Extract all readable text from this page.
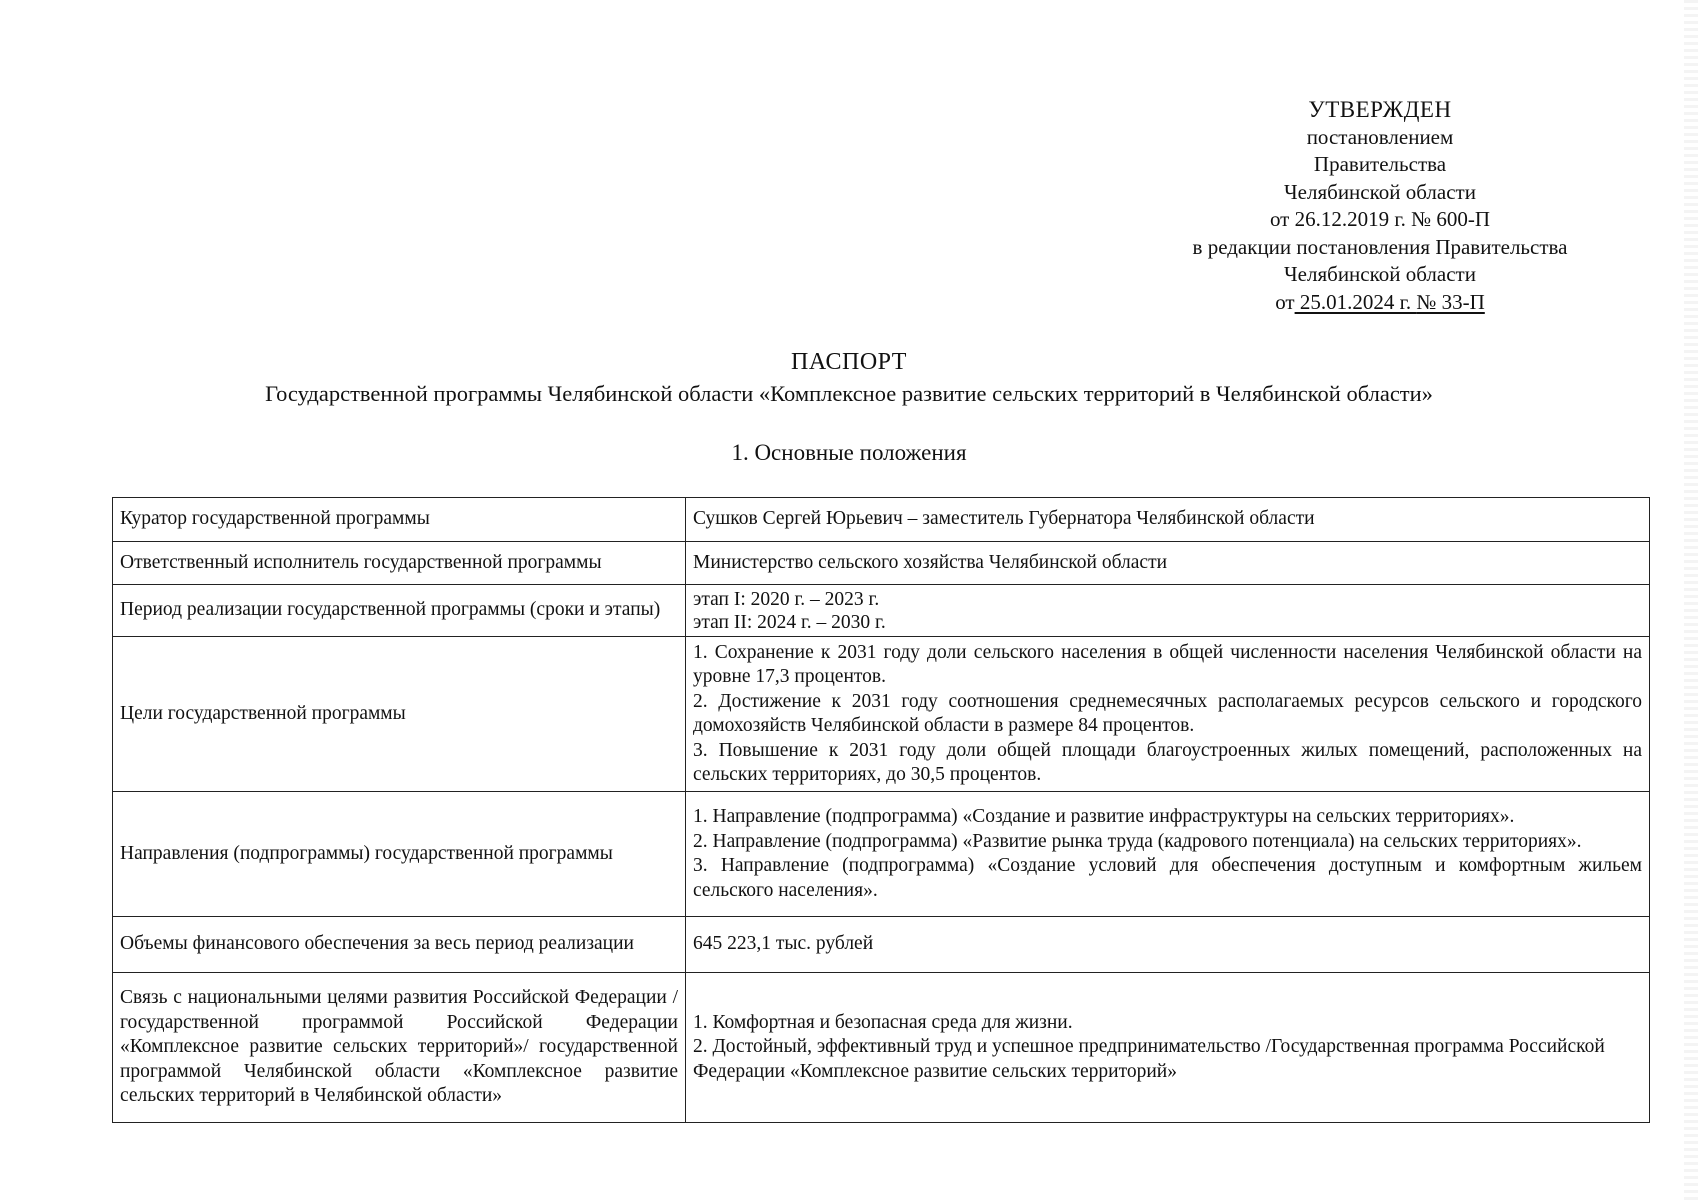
УТВЕРЖДЕН
постановлением
Правительства
Челябинской области
от 26.12.2019 г. № 600-П
в редакции постановления Правительства
Челябинской области
от 25.01.2024 г. № 33-П
ПАСПОРТ
Государственной программы Челябинской области «Комплексное развитие сельских территорий в Челябинской области»
1. Основные положения
Куратор государственной программы	Сушков Сергей Юрьевич – заместитель Губернатора Челябинской области
Ответственный исполнитель государственной программы	Министерство сельского хозяйства Челябинской области
Период реализации государственной программы (сроки и этапы)	этап I: 2020 г. – 2023 г.
этап II: 2024 г. – 2030 г.

Цели государственной программы	1. Сохранение к 2031 году доли сельского населения в общей численности населения Челябинской области на уровне 17,3 процентов.
2. Достижение к 2031 году соотношения среднемесячных располагаемых ресурсов сельского и городского домохозяйств Челябинской области в размере 84 процентов.
3. Повышение к 2031 году доли общей площади благоустроенных жилых помещений, расположенных на сельских территориях, до 30,5 процентов.

Направления (подпрограммы) государственной программы	1. Направление (подпрограмма) «Создание и развитие инфраструктуры на сельских территориях».
2. Направление (подпрограмма) «Развитие рынка труда (кадрового потенциала) на сельских территориях».
3. Направление (подпрограмма) «Создание условий для обеспечения доступным и комфортным жильем сельского населения».

Объемы финансового обеспечения за весь период реализации	645 223,1 тыс. рублей
Связь с национальными целями развития Российской Федерации / государственной программой Российской Федерации «Комплексное развитие сельских территорий»/ государственной программой Челябинской области «Комплексное развитие сельских территорий в Челябинской области»	1. Комфортная и безопасная среда для жизни.
2. Достойный, эффективный труд и успешное предпринимательство /Государственная программа Российской Федерации «Комплексное развитие сельских территорий»
